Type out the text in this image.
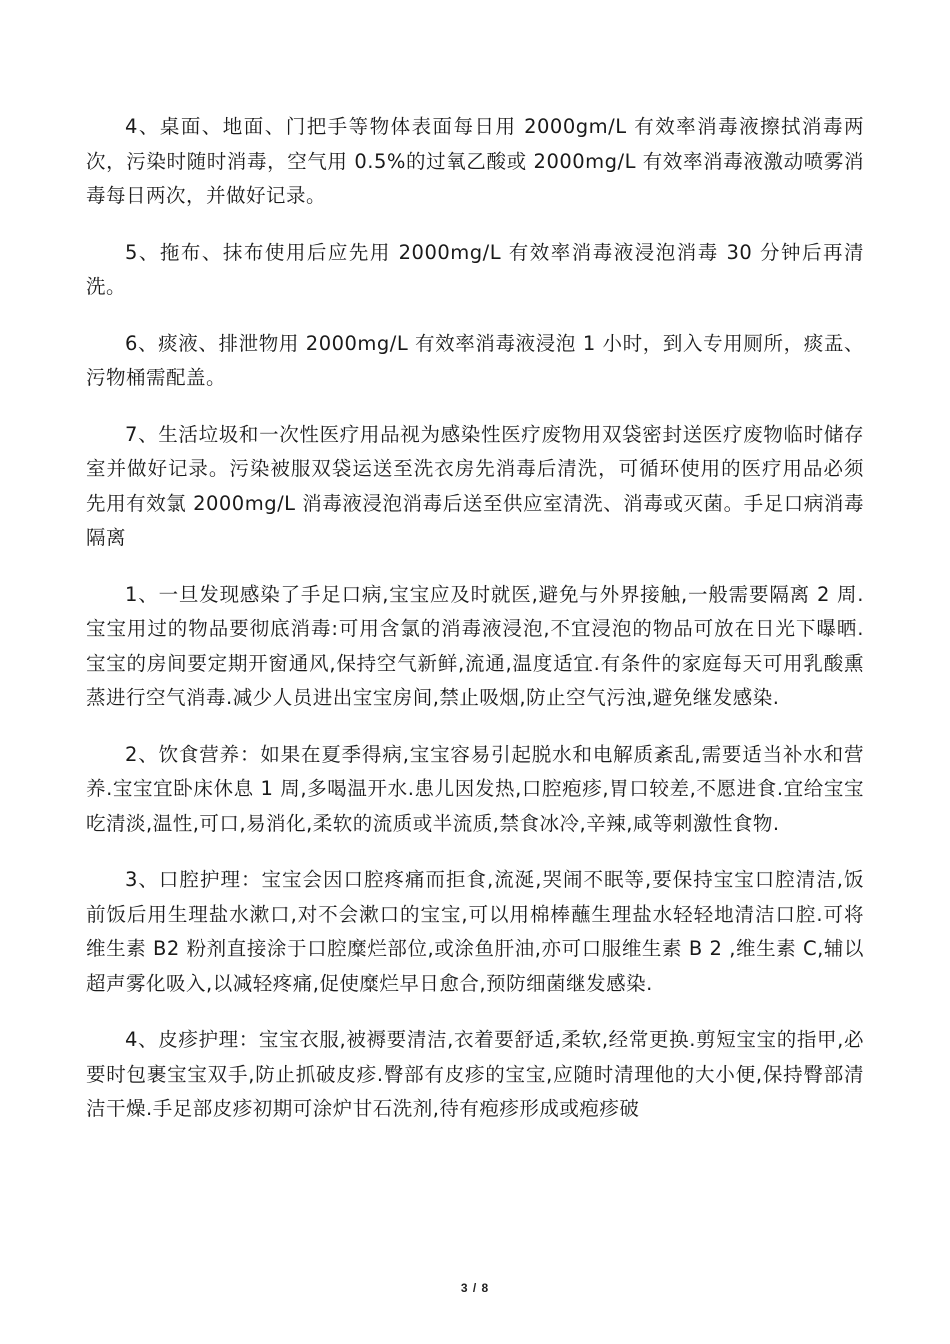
4、桌面、地面、门把手等物体表面每日用 2000gm/L 有效率消毒液擦拭消毒两次，污染时随时消毒，空气用 0.5%的过氧乙酸或 2000mg/L 有效率消毒液激动喷雾消毒每日两次，并做好记录。

5、拖布、抹布使用后应先用 2000mg/L 有效率消毒液浸泡消毒 30 分钟后再清洗。

6、痰液、排泄物用 2000mg/L 有效率消毒液浸泡 1 小时，到入专用厕所，痰盂、污物桶需配盖。

7、生活垃圾和一次性医疗用品视为感染性医疗废物用双袋密封送医疗废物临时储存室并做好记录。污染被服双袋运送至洗衣房先消毒后清洗，可循环使用的医疗用品必须先用有效氯 2000mg/L 消毒液浸泡消毒后送至供应室清洗、消毒或灭菌。手足口病消毒隔离

1、一旦发现感染了手足口病,宝宝应及时就医,避免与外界接触,一般需要隔离 2 周.宝宝用过的物品要彻底消毒:可用含氯的消毒液浸泡,不宜浸泡的物品可放在日光下曝晒.宝宝的房间要定期开窗通风,保持空气新鲜,流通,温度适宜.有条件的家庭每天可用乳酸熏蒸进行空气消毒.减少人员进出宝宝房间,禁止吸烟,防止空气污浊,避免继发感染.

2、饮食营养：如果在夏季得病,宝宝容易引起脱水和电解质紊乱,需要适当补水和营养.宝宝宜卧床休息 1 周,多喝温开水.患儿因发热,口腔疱疹,胃口较差,不愿进食.宜给宝宝吃清淡,温性,可口,易消化,柔软的流质或半流质,禁食冰冷,辛辣,咸等刺激性食物.

3、口腔护理：宝宝会因口腔疼痛而拒食,流涎,哭闹不眠等,要保持宝宝口腔清洁,饭前饭后用生理盐水漱口,对不会漱口的宝宝,可以用棉棒蘸生理盐水轻轻地清洁口腔.可将维生素 B2 粉剂直接涂于口腔糜烂部位,或涂鱼肝油,亦可口服维生素 B 2 ,维生素 C,辅以超声雾化吸入,以减轻疼痛,促使糜烂早日愈合,预防细菌继发感染.

4、皮疹护理：宝宝衣服,被褥要清洁,衣着要舒适,柔软,经常更换.剪短宝宝的指甲,必要时包裹宝宝双手,防止抓破皮疹.臀部有皮疹的宝宝,应随时清理他的大小便,保持臀部清洁干燥.手足部皮疹初期可涂炉甘石洗剂,待有疱疹形成或疱疹破

3 / 8
